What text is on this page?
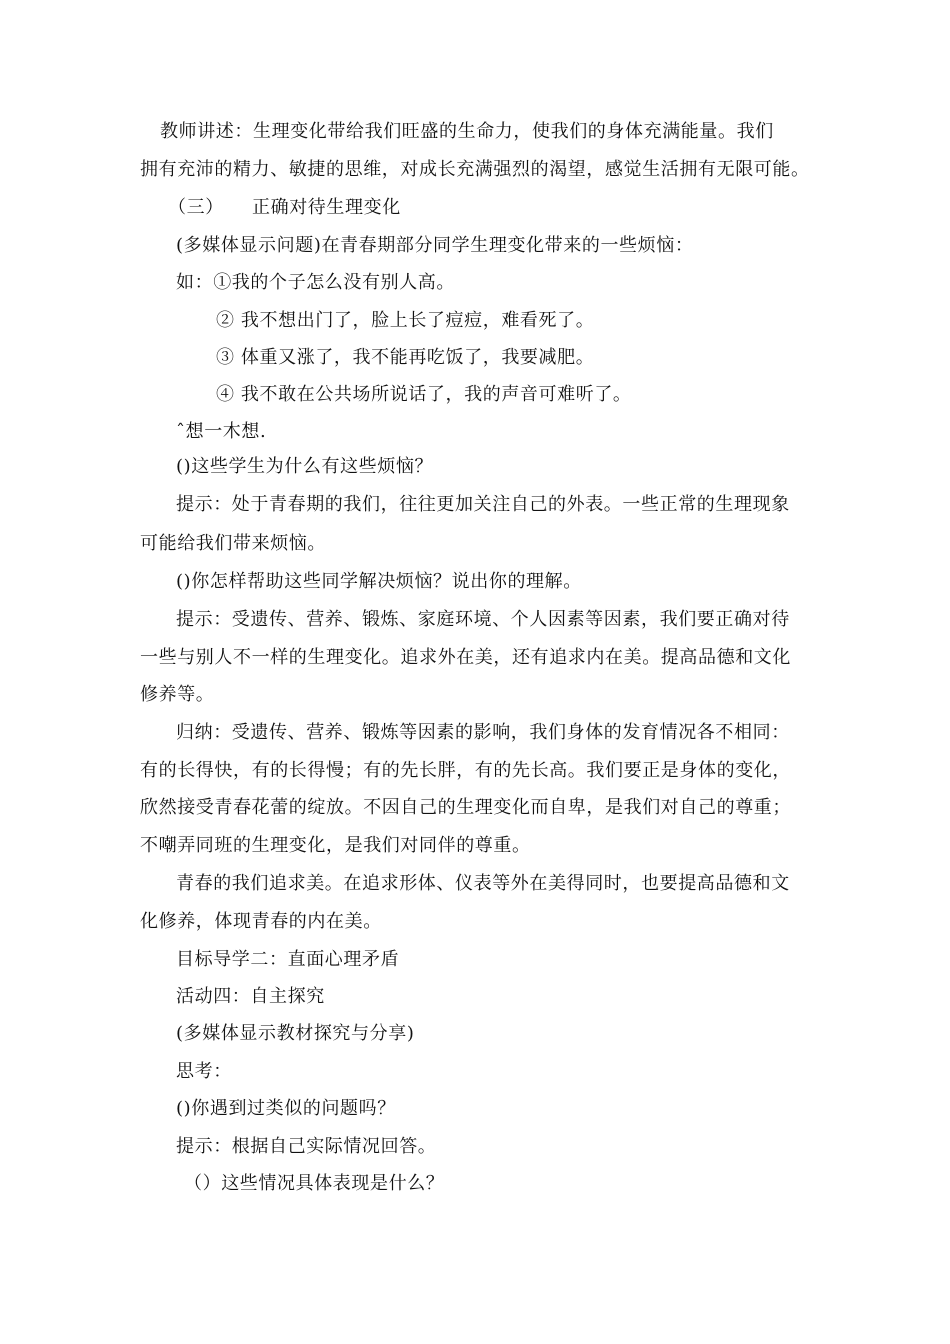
教师讲述：生理变化带给我们旺盛的生命力，使我们的身体充满能量。我们
拥有充沛的精力、敏捷的思维，对成长充满强烈的渴望，感觉生活拥有无限可能。
（三）　　正确对待生理变化
(多媒体显示问题)在青春期部分同学生理变化带来的一些烦恼：
如：①我的个子怎么没有别人高。
② 我不想出门了，脸上长了痘痘，难看死了。
③ 体重又涨了，我不能再吃饭了，我要减肥。
④ 我不敢在公共场所说话了，我的声音可难听了。
ˆ想一木想.
()这些学生为什么有这些烦恼？
提示：处于青春期的我们，往往更加关注自己的外表。一些正常的生理现象
可能给我们带来烦恼。
()你怎样帮助这些同学解决烦恼？说出你的理解。
提示：受遗传、营养、锻炼、家庭环境、个人因素等因素，我们要正确对待
一些与别人不一样的生理变化。追求外在美，还有追求内在美。提高品德和文化
修养等。
归纳：受遗传、营养、锻炼等因素的影响，我们身体的发育情况各不相同：
有的长得快，有的长得慢；有的先长胖，有的先长高。我们要正是身体的变化，
欣然接受青春花蕾的绽放。不因自己的生理变化而自卑，是我们对自己的尊重；
不嘲弄同班的生理变化，是我们对同伴的尊重。
青春的我们追求美。在追求形体、仪表等外在美得同时，也要提高品德和文
化修养，体现青春的内在美。
目标导学二：直面心理矛盾
活动四：自主探究
(多媒体显示教材探究与分享)
思考：
()你遇到过类似的问题吗？
提示：根据自己实际情况回答。
（）这些情况具体表现是什么？
